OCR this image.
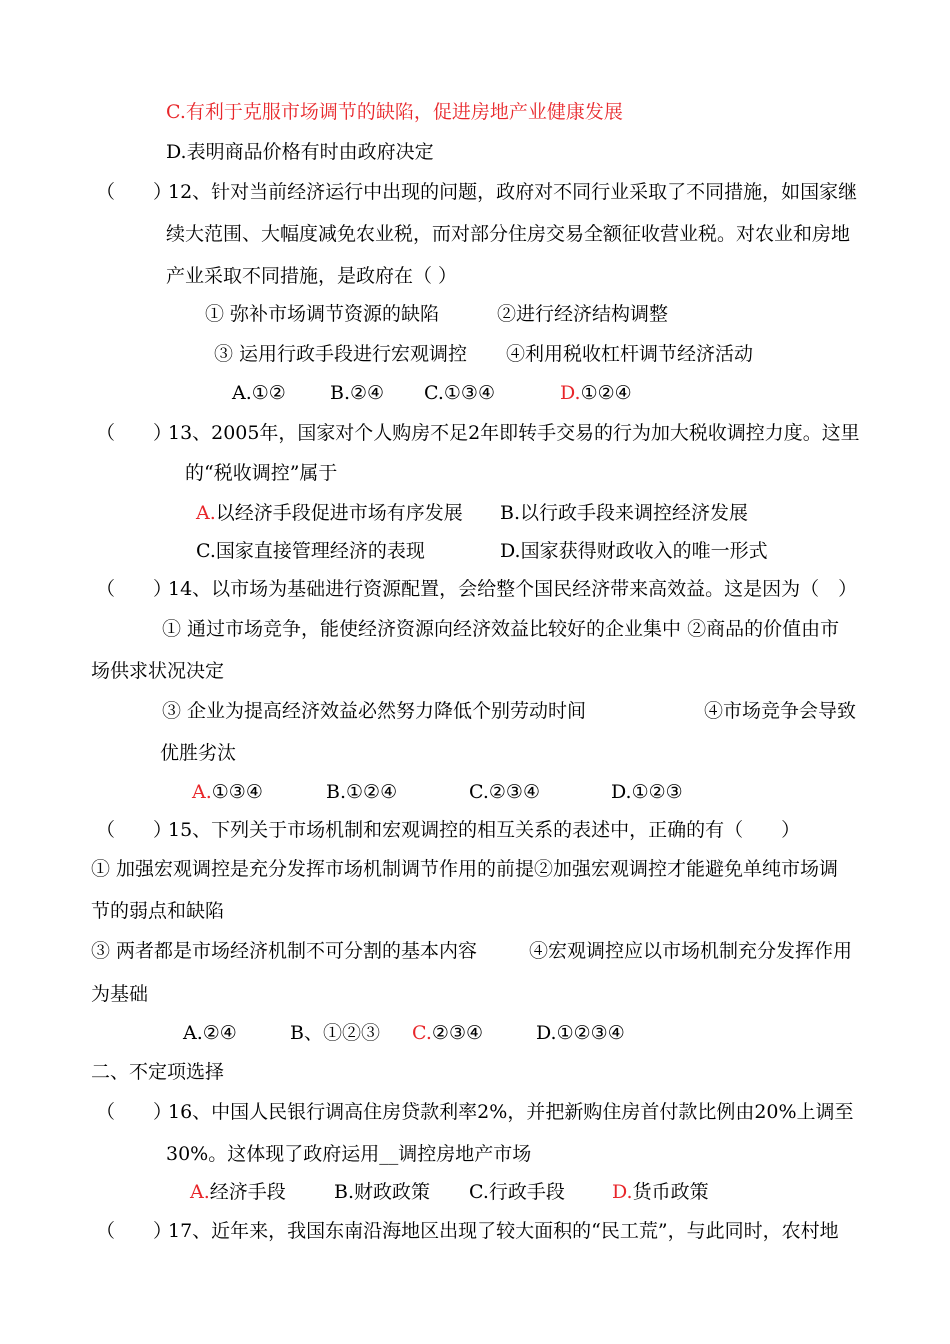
C.有利于克服市场调节的缺陷，促进房地产业健康发展
D.表明商品价格有时由政府决定
（　　）
12、针对当前经济运行中出现的问题，政府对不同行业采取了不同措施，如国家继
续大范围、大幅度减免农业税，而对部分住房交易全额征收营业税。对农业和房地
产业采取不同措施，是政府在（ ）
① 弥补市场调节资源的缺陷	②进行经济结构调整
③ 运用行政手段进行宏观调控 ④利用税收杠杆调节经济活动
A.①② B.②④ C.①③④	D.①②④
（　　）
13、2005年，国家对个人购房不足2年即转手交易的行为加大税收调控力度。这里
的“税收调控”属于
A.以经济手段促进市场有序发展 B.以行政手段来调控经济发展
C.国家直接管理经济的表现	D.国家获得财政收入的唯一形式
（　　）
14、以市场为基础进行资源配置，会给整个国民经济带来高效益。这是因为（　）
① 通过市场竞争，能使经济资源向经济效益比较好的企业集中 ②商品的价值由市
场供求状况决定
③ 企业为提高经济效益必然努力降低个别劳动时间	④市场竞争会导致
优胜劣汰
A.①③④	B.①②④	C.②③④	D.①②③
（　　）
15、下列关于市场机制和宏观调控的相互关系的表述中，正确的有（　　）
① 加强宏观调控是充分发挥市场机制调节作用的前提②加强宏观调控才能避免单纯市场调
节的弱点和缺陷
③ 两者都是市场经济机制不可分割的基本内容	④宏观调控应以市场机制充分发挥作用
为基础
A.②④	B、①②③ C.②③④	D.①②③④
二、不定项选择
（　　）
16、中国人民银行调高住房贷款利率2%，并把新购住房首付款比例由20%上调至
30%。这体现了政府运用__调控房地产市场
A.经济手段	B.财政政策 C.行政手段 D.货币政策
（　　）
17、近年来，我国东南沿海地区出现了较大面积的“民工荒”，与此同时，农村地
